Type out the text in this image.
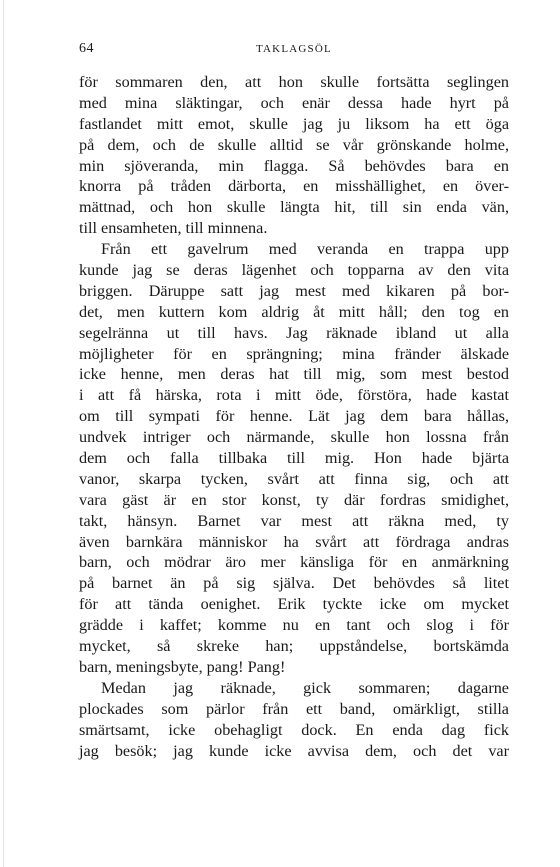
64	TAKLAGSÖL
för sommaren den, att hon skulle fortsätta seglingen
med mina släktingar, och enär dessa hade hyrt på
fastlandet mitt emot, skulle jag ju liksom ha ett öga
på dem, och de skulle alltid se vår grönskande holme,
min sjöveranda, min flagga. Så behövdes bara en
knorra på tråden därborta, en misshällighet, en över-
mättnad, och hon skulle längta hit, till sin enda vän,
till ensamheten, till minnena.
Från ett gavelrum med veranda en trappa upp
kunde jag se deras lägenhet och topparna av den vita
briggen. Däruppe satt jag mest med kikaren på bor-
det, men kuttern kom aldrig åt mitt håll; den tog en
segelränna ut till havs. Jag räknade ibland ut alla
möjligheter för en sprängning; mina fränder älskade
icke henne, men deras hat till mig, som mest bestod
i att få härska, rota i mitt öde, förstöra, hade kastat
om till sympati för henne. Lät jag dem bara hållas,
undvek intriger och närmande, skulle hon lossna från
dem och falla tillbaka till mig. Hon hade bjärta
vanor, skarpa tycken, svårt att finna sig, och att
vara gäst är en stor konst, ty där fordras smidighet,
takt, hänsyn. Barnet var mest att räkna med, ty
även barnkära människor ha svårt att fördraga andras
barn, och mödrar äro mer känsliga för en anmärkning
på barnet än på sig själva. Det behövdes så litet
för att tända oenighet. Erik tyckte icke om mycket
grädde i kaffet; komme nu en tant och slog i för
mycket, så skreke han; uppståndelse, bortskämda
barn, meningsbyte, pang! Pang!
Medan jag räknade, gick sommaren; dagarne
plockades som pärlor från ett band, omärkligt, stilla
smärtsamt, icke obehagligt dock. En enda dag fick
jag besök; jag kunde icke avvisa dem, och det var
